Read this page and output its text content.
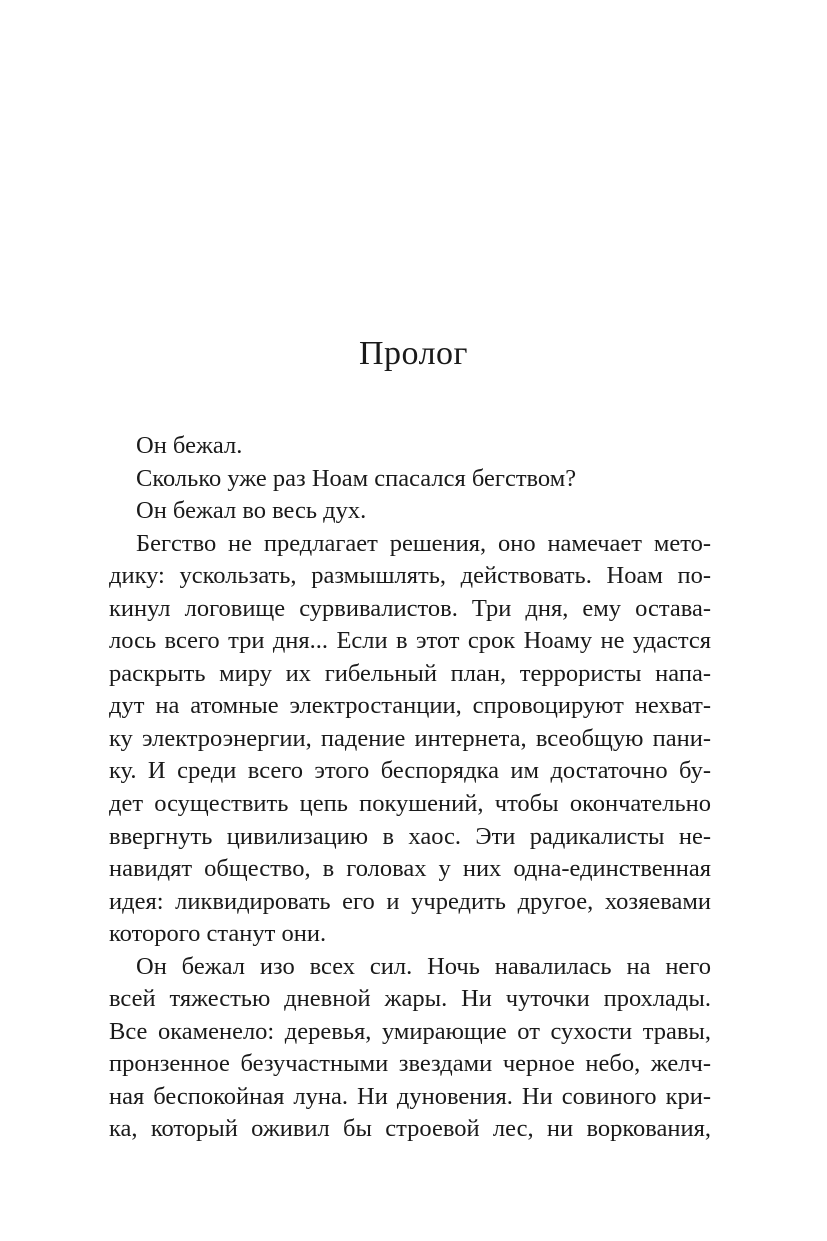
Пролог
Он бежал.
Сколько уже раз Ноам спасался бегством?
Он бежал во весь дух.
Бегство не предлагает решения, оно намечает мето-
дику: ускользать, размышлять, действовать. Ноам по-
кинул логовище сурвивалистов. Три дня, ему остава-
лось всего три дня... Если в этот срок Ноаму не удастся
раскрыть миру их гибельный план, террористы напа-
дут на атомные электростанции, спровоцируют нехват-
ку электроэнергии, падение интернета, всеобщую пани-
ку. И среди всего этого беспорядка им достаточно бу-
дет осуществить цепь покушений, чтобы окончательно
ввергнуть цивилизацию в хаос. Эти радикалисты не-
навидят общество, в головах у них одна-единственная
идея: ликвидировать его и учредить другое, хозяевами
которого станут они.
Он бежал изо всех сил. Ночь навалилась на него
всей тяжестью дневной жары. Ни чуточки прохлады.
Все окаменело: деревья, умирающие от сухости травы,
пронзенное безучастными звездами черное небо, желч-
ная беспокойная луна. Ни дуновения. Ни совиного кри-
ка, который оживил бы строевой лес, ни воркования,
